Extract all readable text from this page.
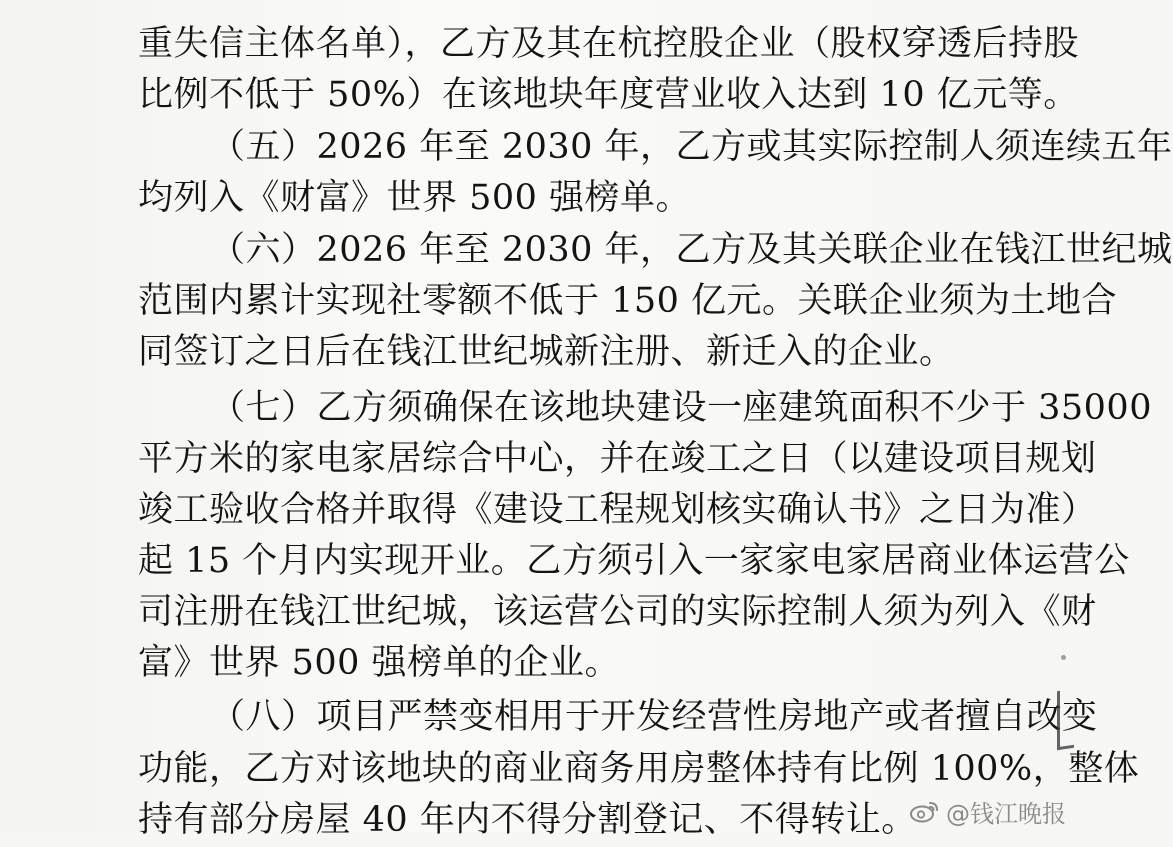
重失信主体名单），乙方及其在杭控股企业（股权穿透后持股
比例不低于 50%）在该地块年度营业收入达到 10 亿元等。
（五）2026 年至 2030 年，乙方或其实际控制人须连续五年
均列入《财富》世界 500 强榜单。
（六）2026 年至 2030 年，乙方及其关联企业在钱江世纪城
范围内累计实现社零额不低于 150 亿元。关联企业须为土地合
同签订之日后在钱江世纪城新注册、新迁入的企业。
（七）乙方须确保在该地块建设一座建筑面积不少于 35000
平方米的家电家居综合中心，并在竣工之日（以建设项目规划
竣工验收合格并取得《建设工程规划核实确认书》之日为准）
起 15 个月内实现开业。乙方须引入一家家电家居商业体运营公
司注册在钱江世纪城，该运营公司的实际控制人须为列入《财
富》世界 500 强榜单的企业。
（八）项目严禁变相用于开发经营性房地产或者擅自改变
功能，乙方对该地块的商业商务用房整体持有比例 100%，整体
持有部分房屋 40 年内不得分割登记、不得转让。	@钱江晚报
